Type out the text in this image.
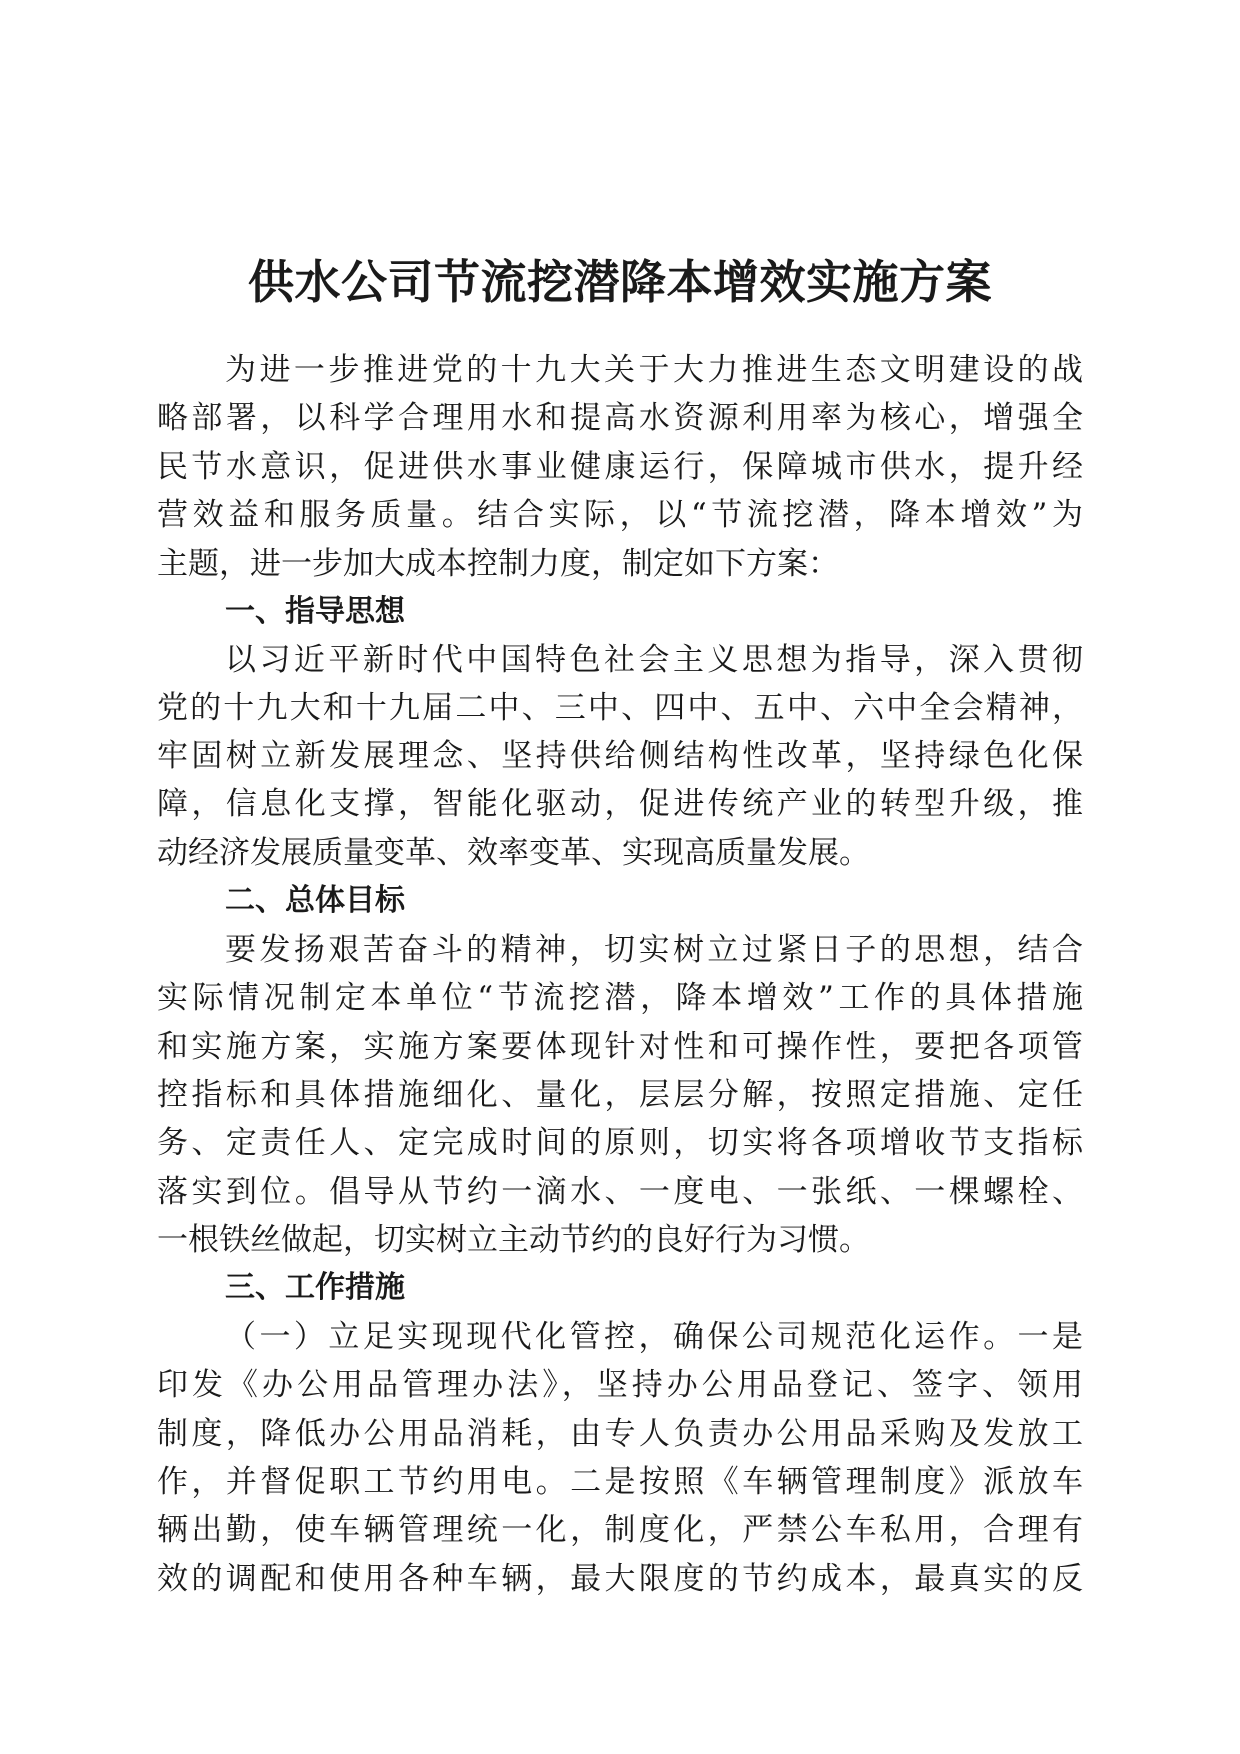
供水公司节流挖潜降本增效实施方案

为进一步推进党的十九大关于大力推进生态文明建设的战

略部署，以科学合理用水和提高水资源利用率为核心，增强全

民节水意识，促进供水事业健康运行，保障城市供水，提升经

营效益和服务质量。结合实际，以“节流挖潜，降本增效”为

主题，进一步加大成本控制力度，制定如下方案：

一、指导思想

以习近平新时代中国特色社会主义思想为指导，深入贯彻

党的十九大和十九届二中、三中、四中、五中、六中全会精神，

牢固树立新发展理念、坚持供给侧结构性改革，坚持绿色化保

障，信息化支撑，智能化驱动，促进传统产业的转型升级，推

动经济发展质量变革、效率变革、实现高质量发展。

二、总体目标

要发扬艰苦奋斗的精神，切实树立过紧日子的思想，结合

实际情况制定本单位“节流挖潜，降本增效”工作的具体措施

和实施方案，实施方案要体现针对性和可操作性，要把各项管

控指标和具体措施细化、量化，层层分解，按照定措施、定任

务、定责任人、定完成时间的原则，切实将各项增收节支指标

落实到位。倡导从节约一滴水、一度电、一张纸、一棵螺栓、

一根铁丝做起，切实树立主动节约的良好行为习惯。

三、工作措施

（一）立足实现现代化管控，确保公司规范化运作。一是

印发《办公用品管理办法》，坚持办公用品登记、签字、领用

制度，降低办公用品消耗，由专人负责办公用品采购及发放工

作，并督促职工节约用电。二是按照《车辆管理制度》派放车

辆出勤，使车辆管理统一化，制度化，严禁公车私用，合理有

效的调配和使用各种车辆，最大限度的节约成本，最真实的反
